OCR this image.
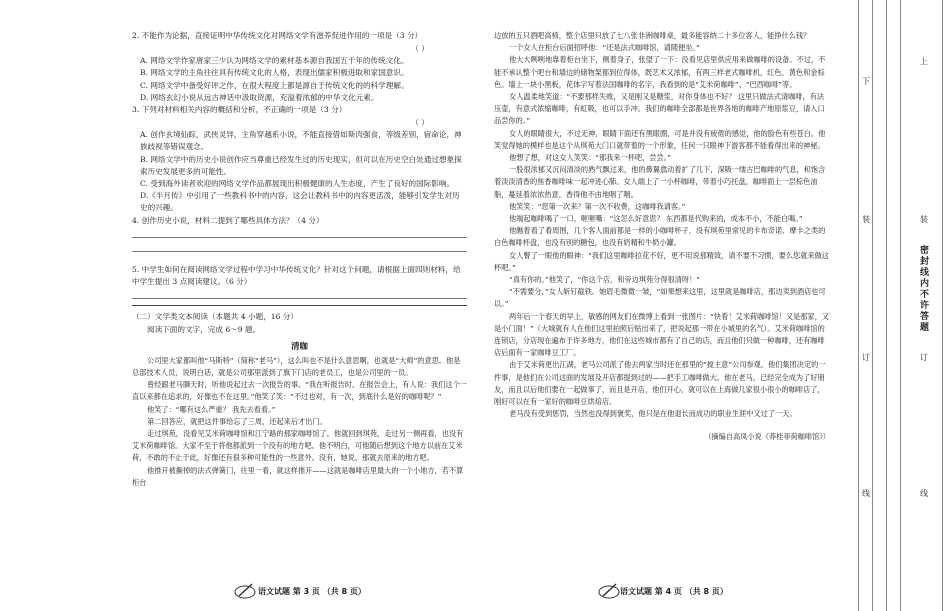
2. 不能作为论据，直接证明中华传统文化对网络文学有滋养促进作用的一项是（3 分）
（ ）
A. 网络文学作家唐家三少认为网络文学的素材基本源自我国五千年的传统文化。
B. 网络文学的主角往往具有传统文化的人格，表现出儒家积极进取和家国意识。
C. 网络文学中备受好评之作，在很大程度上都是源自于传统文化的的科学理解。
D. 网络玄幻小说从远古神话中汲取资源，充溢着浓郁的中华文化元素。
3. 下列对材料相关内容的概括和分析，不正确的一项是（3 分）
（ ）
A. 创作玄境仙踪，武侠灵异，主角穿越系小说，不能直接借如斯肉强食，等级差别，宿命论，神族歧视等错误观念。
B. 网络文学中的历史小说创作应当尊重已经发生过的历史现实，但可以在历史空白处通过想象探索历史发展更多的可能性。
C. 受到海外读者欢迎的网络文学作品都展现出积极健康的人生态度，产生了良好的国际影响。
D.《半月传》中引用了一些教科书中的内容，这会让教科书中的内容更活泼，能够引发学生对历史的兴趣。
4. 创作历史小说，材料二提到了哪些具体方法？（4 分）
5. 中学生如何在阅读网络文学过程中学习中华传统文化？针对这个问题，请根据上面四则材料，给中学生提出 3 点阅读建议。（6 分）
（二）文学类文本阅读（本题共 4 小题，16 分）
阅读下面的文字，完成 6～9 题。
清咖

公司里大家都叫他“马斯特”（简称“老马”），这么叫也不是什么意思啊，也就是“大师”的意思。他是总部技术人员，说明白话，就是公司那里派到了旗下门店的老员工，也是公司里的一员。

曾经跟老马聊天时，听他说起过去一次报告的事。“我在听报告时，在报告会上，有人说：我们这个一直以来都在追求的，好像也不在这里。”他笑了笑：“不过也对，有一次，到底什么是好的咖啡呢？”

他笑了：“哪有这么严重？ 我先去看看。”

第二回答应，就把这件事给忘了三周，还起来后才出门。

走过琪苑，没看见艾米荷咖啡馆和江宁路的那家咖啡馆了，他就回到琪苑，走过另一侧再看，也没有艾米荷咖啡馆。大家不至于将他都派到一个没有的地方吧。他不明白，可他随后想到这个地方以前在艾米荷，不敢的不止于此，好像还有很多种可能性的一些意外。没有，她说，那就去原来的地方吧。

他推开被撕掉的法式弹簧门，往里一看，就这样推开——这就是咖啡店里最大的一个小地方，若不算柜台

边放的五只酒吧高椅，整个店里只放了七八张非洲咖啡桌，最多能容纳二十多位客人，能挣什么钱？

一个女人在柜台后面招呼他：“还是法式咖啡馆，请随便坐。”

他大大咧咧地靠着柜台坐下，侧着身子，张望了一下：没看见店里供应用来做咖啡的设备。不过，不能不承认整个吧台和墙边的储物架都到位得体，既艺术又浓郁，有两三样老式咖啡机，红色、黄色和金棕色。墙上一块小黑板，花体字写着法国咖啡的名字，我看到的是“艾米荷咖啡”、“巴西咖啡”等。

女人温柔地笑道：“不要那样失败，又是刚又是糖浆，对你身体也不好？ 这里只做法式清咖啡，有法压壶，有意式浓缩咖啡，有虹吸，也可以手冲。我们的咖啡全部都是世界各地的咖啡产地原浆豆，请入口品尝你的。”

女人的眼睛很大，不过无神，眼睛下面还有黑眼圈，可是并没有疲倦的感觉，他的脸色有些苍白。他笑觉得她的模样也是这个从琪苑大门口就带着的一个形象，任何一只眼神下游客都不能看得出来的神秘。

他想了想，对这女人笑笑：“那我来一杯吧，尝尝。”

一股很浓郁又沉闷清淡的熟气飘过来，他的鼻翼翕动着扩了几下，深吸一缕古巴咖啡的气息，和饱含着淡淡清香的焦香咖啡味一起冲进心肺。女人端上了一小杯咖啡，带着小巧托盘，咖啡面上一层棕色油脂，蔓延着浓浓热意，香得他不由地咽了咽。

他笑笑：“您第一次来？第一次不收费，这咖啡我请客。”

他端起咖啡喝了一口，咂咂嘴：“这怎么好意思？ 东西都是代购来的，成本不小，不能白喝。”

他瞧着看了看周围，几个客人面前都是一样的小咖啡杯子，没有琪苑里常见的卡布奇诺、摩卡之类的白色咖啡杯盘，也没有别的糖包，也没有奶精和牛奶小罐。

女人瞥了一眼他的眼神：“我们这里咖啡拉花不好，更不用说那精致，请不要不习惯，要么您就来做这杯吧。”

“真有你的。”他笑了，“你这个店，和旁边琪苑分得很清呀！”

“不需要分，”女人斩钉截铁。她眉毛微微一皱，“如果想来这里，这里就是咖啡店，那边卖到酒店也可以。”

两年后一个春天的早上，敏感的网友们在微博上看到一张图片：“快看！艾米荷咖啡馆！又是那家，又是小门面！”（大城就有人在他们这里拍照后贴出来了，把说起那一带在小城里的名气）。艾米荷咖啡馆的连锁店，分店现在遍布于许多地方，他们在这些城市都有了自己的店，而且他们只做一种咖啡，还有咖啡店后面有一家咖啡豆工厂。

由于艾米荷更出江湖，老马公司派了他去两家当时还在那里的“搅主意”公司参观。他们集团决定的一件事，是他们在公司这面的发展及开店都提到过的——把手工咖啡做大。他在老马，已经完全成为了好朋友，而且以后他们要在一起做事了，而且是开店，他们开心，就可以在上海做几家很小很小的咖啡店了，刚好可以在有一家好的咖啡豆烘焙店。

老马没有受到惩罚，当然也没得到褒奖，他只是在他退长而成功的职业生涯中又过了一天。

（摘编自高凤小说《莽桂菲荷咖啡馆》）

语文试题 第 3 页 （共 8 页）	语文试题 第 4 页 （共 8 页）
上
下
装
装
订
订
线
线
密封线内不许答题
